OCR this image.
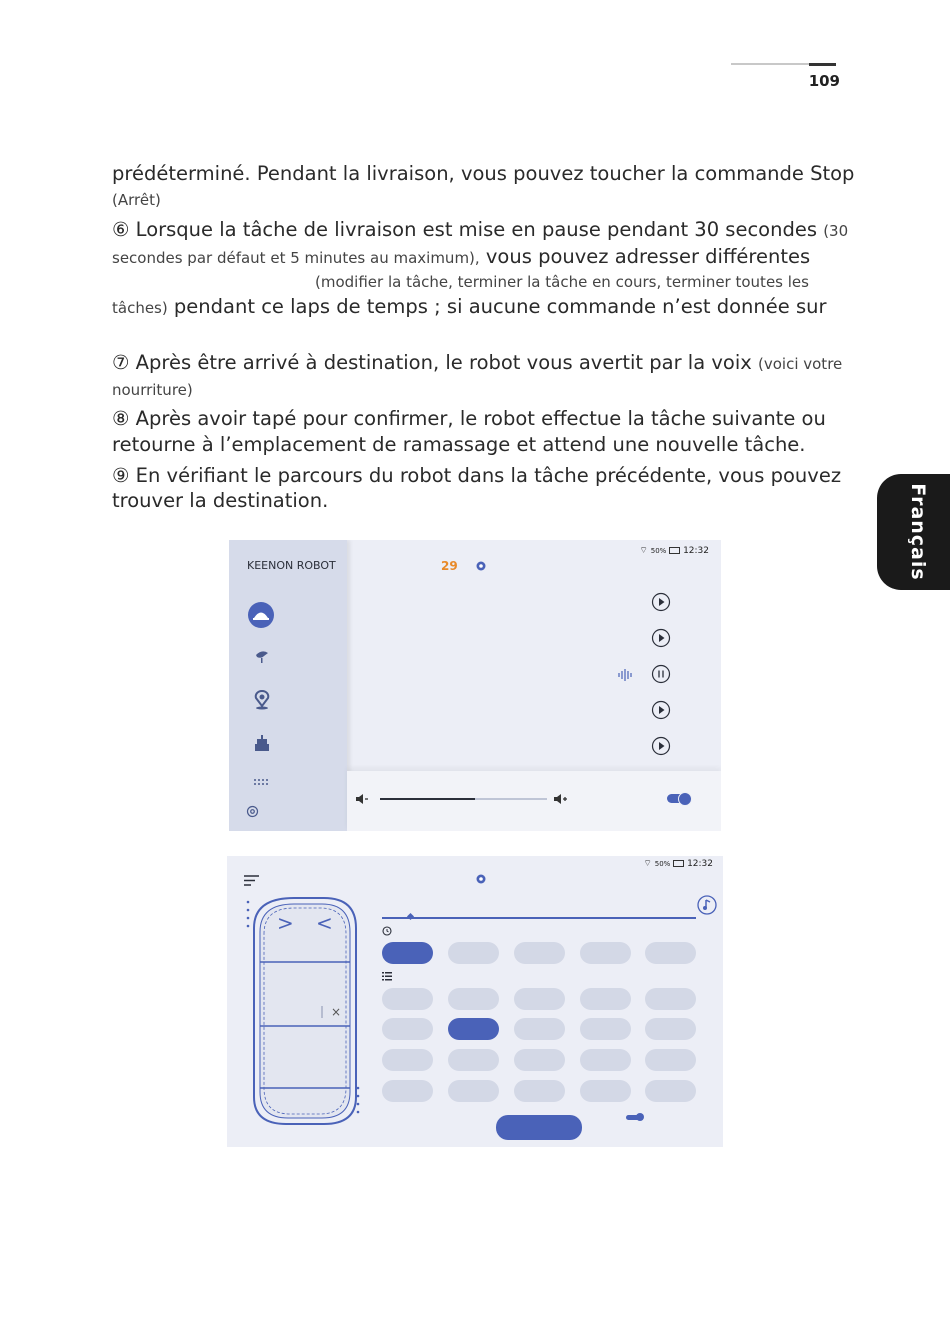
109
Français
prédéterminé. Pendant la livraison, vous pouvez toucher la commande Stop
(Arrêt)
⑥ Lorsque la tâche de livraison est mise en pause pendant 30 secondes (30
secondes par défaut et 5 minutes au maximum), vous pouvez adresser différentes
(modifier la tâche, terminer la tâche en cours, terminer toutes les
tâches) pendant ce laps de temps ; si aucune commande n’est donnée sur
⑦ Après être arrivé à destination, le robot vous avertit par la voix (voici votre
nourriture)
⑧ Après avoir tapé pour confirmer, le robot effectue la tâche suivante ou
retourne à l’emplacement de ramassage et attend une nouvelle tâche.
⑨ En vérifiant le parcours du robot dans la tâche précédente, vous pouvez
trouver la destination.
KEENON ROBOT
⌔ 50% 12:32
29
⌔ 50% 12:32
> <
×
